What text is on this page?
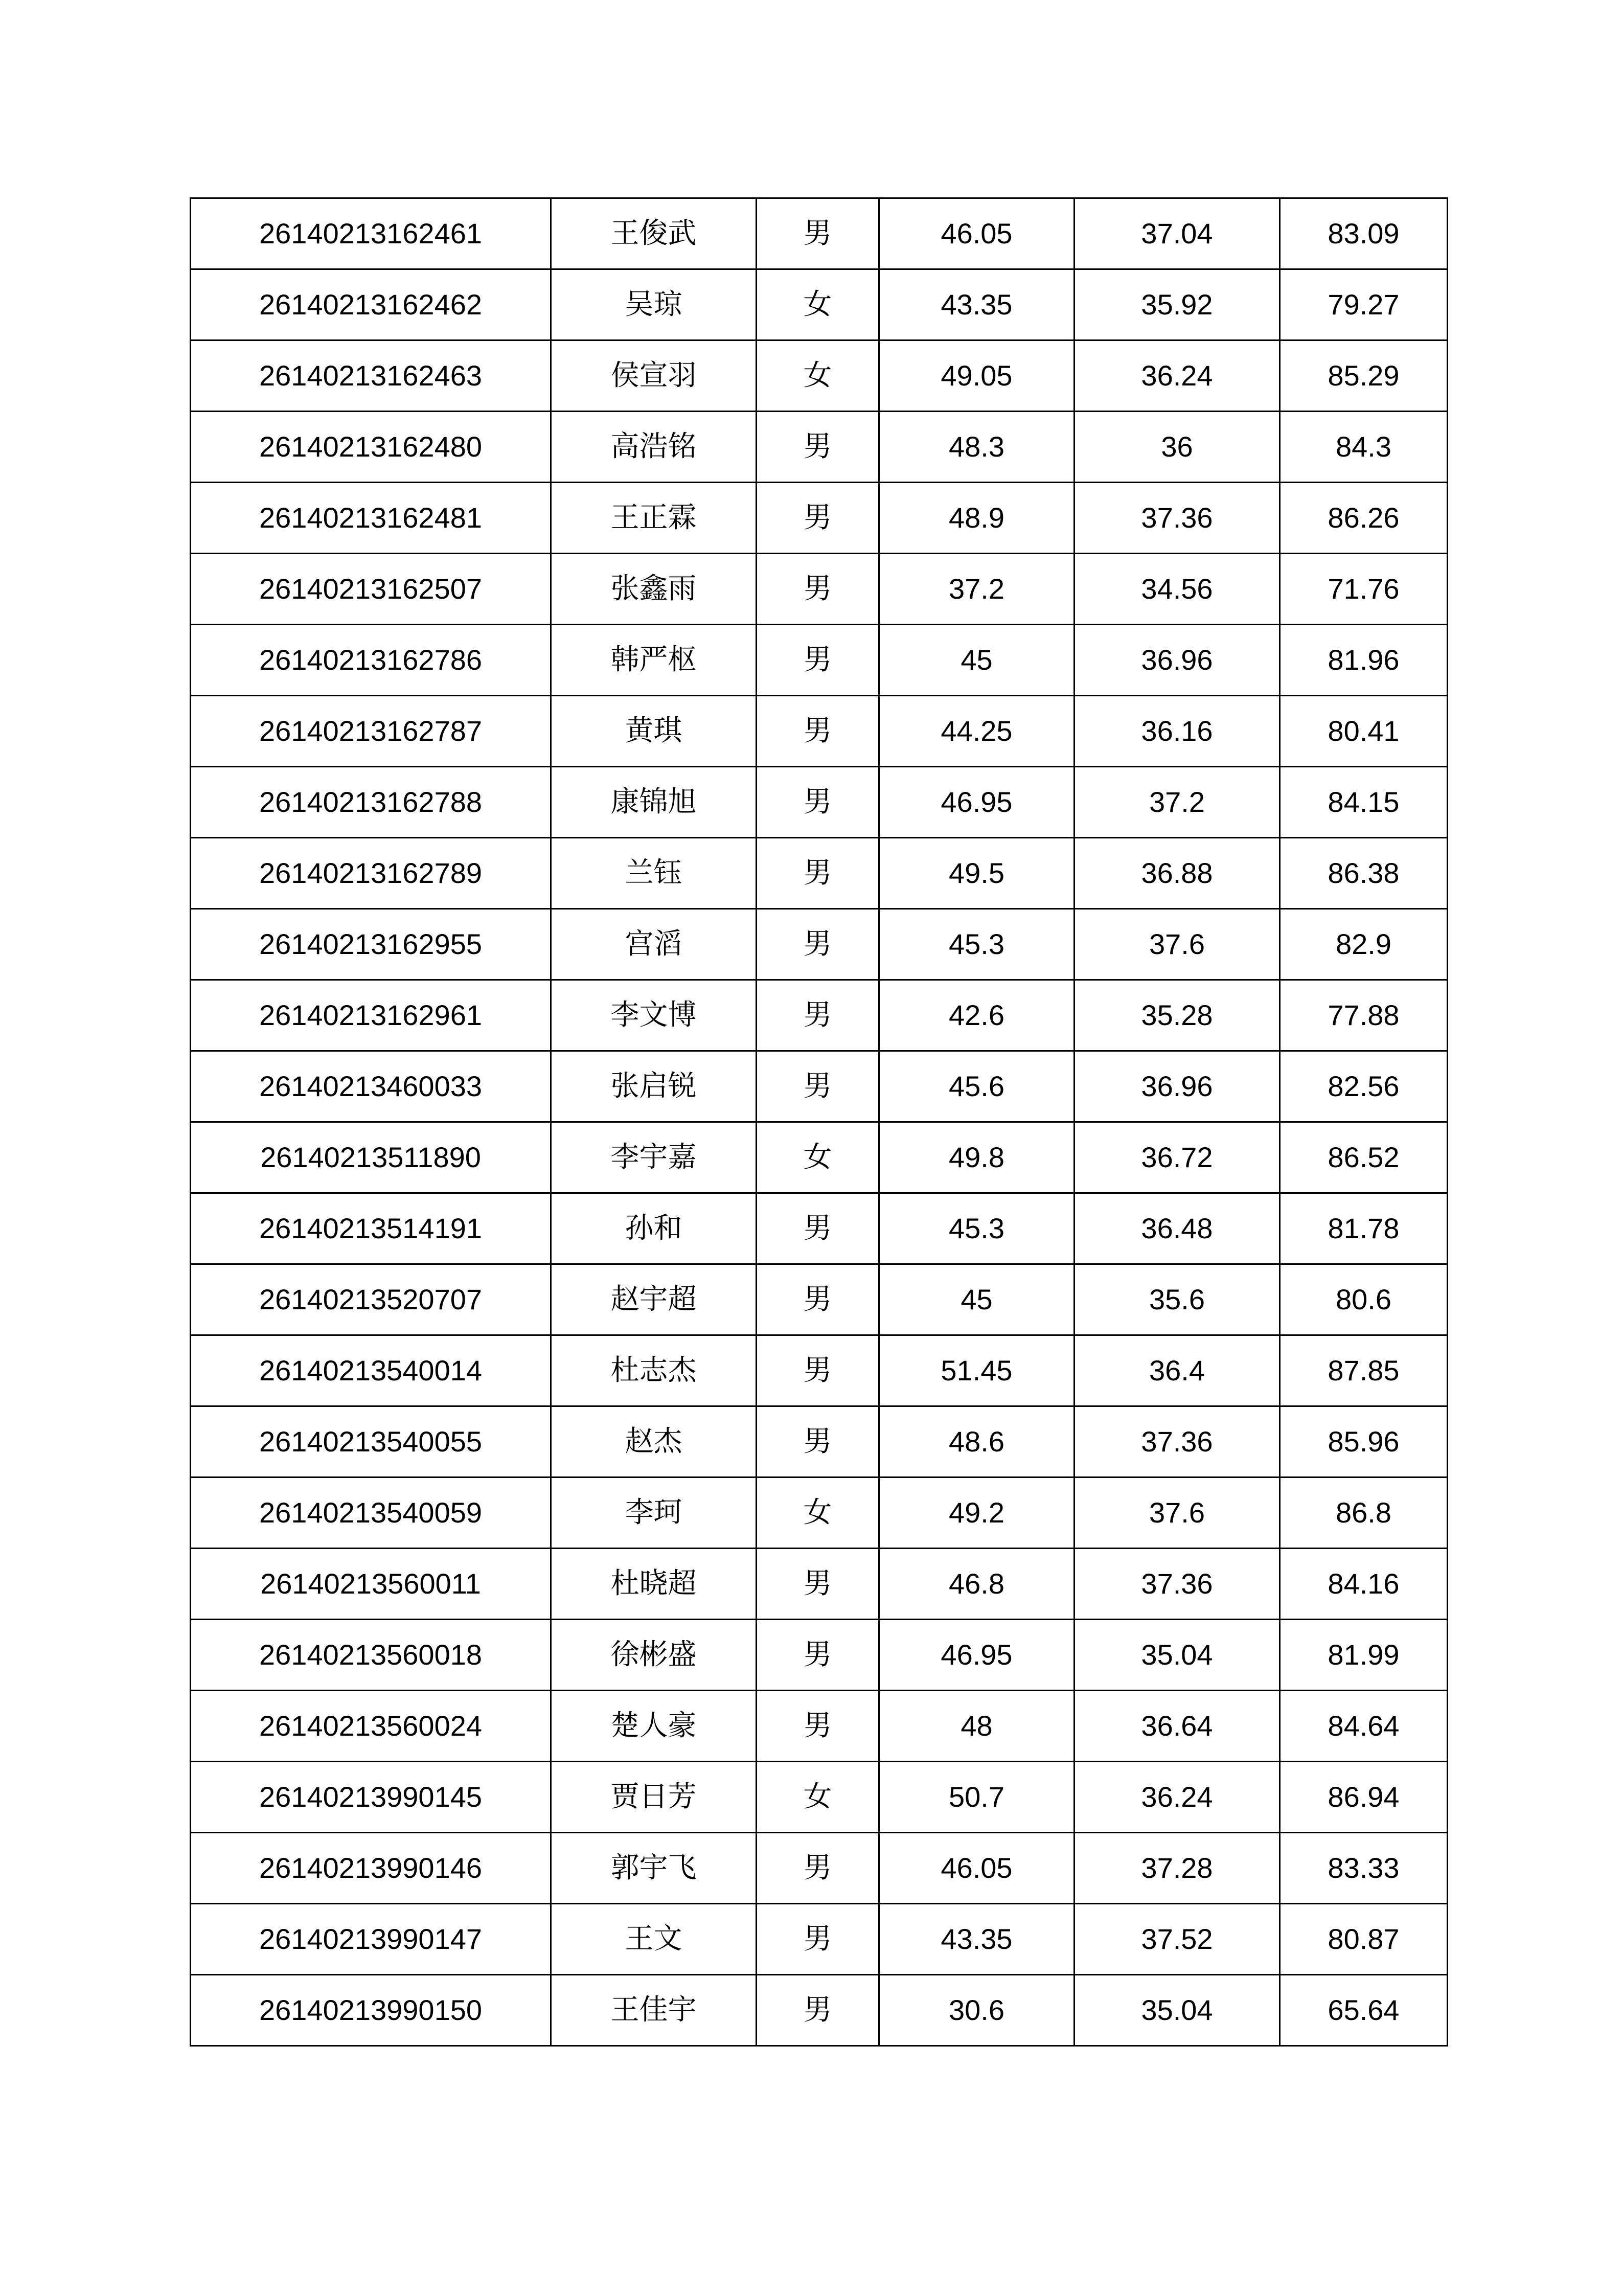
26140213162461	王俊武	男	46.05	37.04	83.09
26140213162462	吴琼	女	43.35	35.92	79.27
26140213162463	侯宣羽	女	49.05	36.24	85.29
26140213162480	高浩铭	男	48.3	36	84.3
26140213162481	王正霖	男	48.9	37.36	86.26
26140213162507	张鑫雨	男	37.2	34.56	71.76
26140213162786	韩严枢	男	45	36.96	81.96
26140213162787	黄琪	男	44.25	36.16	80.41
26140213162788	康锦旭	男	46.95	37.2	84.15
26140213162789	兰钰	男	49.5	36.88	86.38
26140213162955	宫滔	男	45.3	37.6	82.9
26140213162961	李文博	男	42.6	35.28	77.88
26140213460033	张启锐	男	45.6	36.96	82.56
26140213511890	李宇嘉	女	49.8	36.72	86.52
26140213514191	孙和	男	45.3	36.48	81.78
26140213520707	赵宇超	男	45	35.6	80.6
26140213540014	杜志杰	男	51.45	36.4	87.85
26140213540055	赵杰	男	48.6	37.36	85.96
26140213540059	李珂	女	49.2	37.6	86.8
26140213560011	杜晓超	男	46.8	37.36	84.16
26140213560018	徐彬盛	男	46.95	35.04	81.99
26140213560024	楚人豪	男	48	36.64	84.64
26140213990145	贾日芳	女	50.7	36.24	86.94
26140213990146	郭宇飞	男	46.05	37.28	83.33
26140213990147	王文	男	43.35	37.52	80.87
26140213990150	王佳宇	男	30.6	35.04	65.64
